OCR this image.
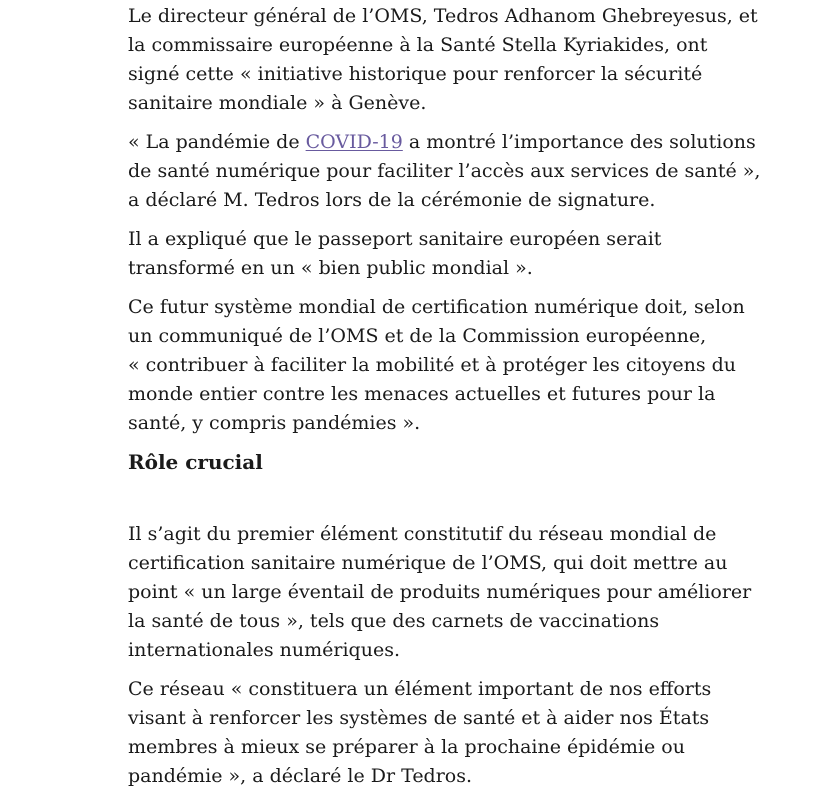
Le directeur général de l’OMS, Tedros Adhanom Ghebreyesus, et la commissaire européenne à la Santé Stella Kyriakides, ont signé cette « initiative historique pour renforcer la sécurité sanitaire mondiale » à Genève.

« La pandémie de COVID-19 a montré l’importance des solutions de santé numérique pour faciliter l’accès aux services de santé », a déclaré M. Tedros lors de la cérémonie de signature.

Il a expliqué que le passeport sanitaire européen serait transformé en un « bien public mondial ».

Ce futur système mondial de certification numérique doit, selon un communiqué de l’OMS et de la Commission européenne, « contribuer à faciliter la mobilité et à protéger les citoyens du monde entier contre les menaces actuelles et futures pour la santé, y compris pandémies ».

Rôle crucial

Il s’agit du premier élément constitutif du réseau mondial de certification sanitaire numérique de l’OMS, qui doit mettre au point « un large éventail de produits numériques pour améliorer la santé de tous », tels que des carnets de vaccinations internationales numériques.

Ce réseau « constituera un élément important de nos efforts visant à renforcer les systèmes de santé et à aider nos États membres à mieux se préparer à la prochaine épidémie ou pandémie », a déclaré le Dr Tedros.
